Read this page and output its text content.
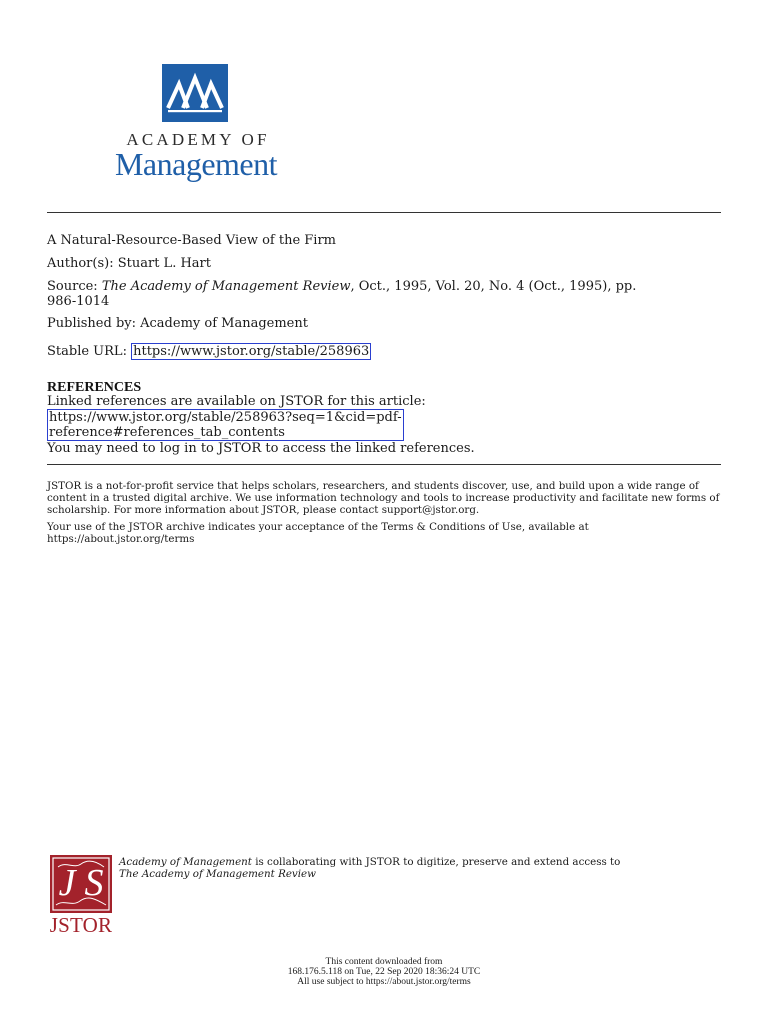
ACADEMY OF
Management
A Natural-Resource-Based View of the Firm
Author(s): Stuart L. Hart
Source: The Academy of Management Review, Oct., 1995, Vol. 20, No. 4 (Oct., 1995), pp.
986-1014
Published by: Academy of Management
Stable URL: https://www.jstor.org/stable/258963
REFERENCES
Linked references are available on JSTOR for this article:
https://www.jstor.org/stable/258963?seq=1&cid=pdf-
reference#references_tab_contents
You may need to log in to JSTOR to access the linked references.
JSTOR is a not-for-profit service that helps scholars, researchers, and students discover, use, and build upon a wide range of content in a trusted digital archive. We use information technology and tools to increase productivity and facilitate new forms of scholarship. For more information about JSTOR, please contact support@jstor.org.
Your use of the JSTOR archive indicates your acceptance of the Terms & Conditions of Use, available at
https://about.jstor.org/terms
J S
JSTOR
Academy of Management is collaborating with JSTOR to digitize, preserve and extend access to
The Academy of Management Review
This content downloaded from
168.176.5.118 on Tue, 22 Sep 2020 18:36:24 UTC
All use subject to https://about.jstor.org/terms
